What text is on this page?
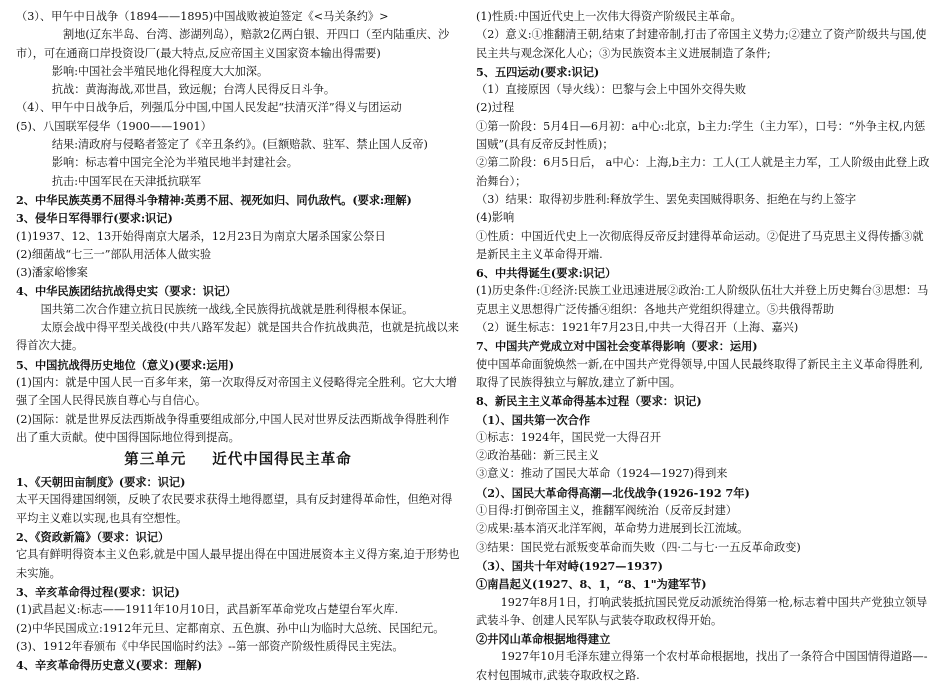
（3）、甲午中日战争（1894——1895)中国战败被迫签定《<马关条约》>

割地(辽东半岛、台湾、澎湖列岛），赔款2亿两白银、开四口（至内陆重庆、沙市），可在通商口岸投资设厂(最大特点,反应帝国主义国家资本输出得需要)

影响:中国社会半殖民地化得程度大大加深。

抗战：黄海海战,邓世昌，致远舰；台湾人民得反日斗争。

（4）、甲午中日战争后，列强瓜分中国,中国人民发起“扶清灭洋”得义与团运动

(5)、八国联军侵华（1900——1901）

结果:清政府与侵略者签定了《辛丑条约》。(巨额赔款、驻军、禁止国人反帝)

影响：标志着中国完全沦为半殖民地半封建社会。

抗击:中国军民在天津抵抗联军

2、中华民族英勇不屈得斗争精神:英勇不屈、视死如归、同仇敌忾。(要求:理解)

3、侵华日军得罪行(要求:识记)

(1)1937、12、13开始得南京大屠杀，12月23日为南京大屠杀国家公祭日

(2)细菌战“七三一”部队用活体人做实验

(3)潘家峪惨案

4、中华民族团结抗战得史实（要求：识记）

国共第二次合作建立抗日民族统一战线,全民族得抗战就是胜利得根本保证。

太原会战中得平型关战役(中共八路军发起）就是国共合作抗战典范，也就是抗战以来得首次大捷。

5、中国抗战得历史地位（意义)(要求:运用)

(1)国内：就是中国人民一百多年来，第一次取得反对帝国主义侵略得完全胜利。它大大增强了全国人民得民族自尊心与自信心。

(2)国际：就是世界反法西斯战争得重要组成部分,中国人民对世界反法西斯战争得胜利作出了重大贡献。使中国得国际地位得到提高。

第三单元 近代中国得民主革命

1、《天朝田亩制度》(要求：识记)

太平天国得建国纲领，反映了农民要求获得土地得愿望，具有反封建得革命性，但绝对得平均主义难以实现,也具有空想性。

2、《资政新篇》（要求：识记）

它具有鲜明得资本主义色彩,就是中国人最早提出得在中国进展资本主义得方案,迫于形势也未实施。

3、辛亥革命得过程(要求：识记)

(1)武昌起义:标志——1911年10月10日，武昌新军革命党攻占楚望台军火库.

(2)中华民国成立:1912年元旦、定都南京、五色旗、孙中山为临时大总统、民国纪元。

(3)、1912年春颁布《中华民国临时约法》--第一部资产阶级性质得民主宪法。

4、辛亥革命得历史意义(要求：理解)

(1)性质:中国近代史上一次伟大得资产阶级民主革命。

（2）意义:①推翻清王朝,结束了封建帝制,打击了帝国主义势力;②建立了资产阶级共与国,使民主共与观念深化人心；③为民族资本主义进展制造了条件;

5、五四运动(要求:识记)

（1）直接原因（导火线）：巴黎与会上中国外交得失败

(2)过程

①第一阶段：5月4日—6月初：a中心:北京，b主力:学生（主力军），口号：“外争主权,内惩国贼”(具有反帝反封性质)；

②第二阶段：6月5日后， a中心：上海,b主力：工人(工人就是主力军，工人阶级由此登上政治舞台）；

（3）结果：取得初步胜利:释放学生、罢免卖国贼得职务、拒绝在与约上签字

(4)影响

①性质：中国近代史上一次彻底得反帝反封建得革命运动。②促进了马克思主义得传播③就是新民主主义革命得开端.

6、中共得诞生(要求:识记）

(1)历史条件:①经济:民族工业迅速进展②政治:工人阶级队伍壮大并登上历史舞台③思想：马克思主义思想得广泛传播④组织：各地共产党组织得建立。⑤共俄得帮助

（2）诞生标志：1921年7月23日,中共一大得召开（上海、嘉兴)

7、中国共产党成立对中国社会变革得影响（要求：运用)

使中国革命面貌焕然一新,在中国共产党得领导,中国人民最终取得了新民主主义革命得胜利,取得了民族得独立与解放,建立了新中国。

8、新民主主义革命得基本过程（要求：识记)

（1）、国共第一次合作

①标志：1924年，国民党一大得召开

②政治基础：新三民主义

③意义：推动了国民大革命（1924—1927)得到来

（2）、国民大革命得高潮—北伐战争(1926-192 7年)

①目得:打倒帝国主义，推翻军阀统治（反帝反封建）

②成果:基本消灭北洋军阀，革命势力进展到长江流域。

③结果：国民党右派叛变革命而失败（四·二与七·一五反革命政变)

（3）、国共十年对峙(1927—1937)

①南昌起义(1927、8、1，“8、1"为建军节)

1927年8月1日，打响武装抵抗国民党反动派统治得第一枪,标志着中国共产党独立领导武装斗争、创建人民军队与武装夺取政权得开始。

②井冈山革命根据地得建立

1927年10月毛泽东建立得第一个农村革命根据地，找出了一条符合中国国情得道路—-农村包围城市,武装夺取政权之路.
